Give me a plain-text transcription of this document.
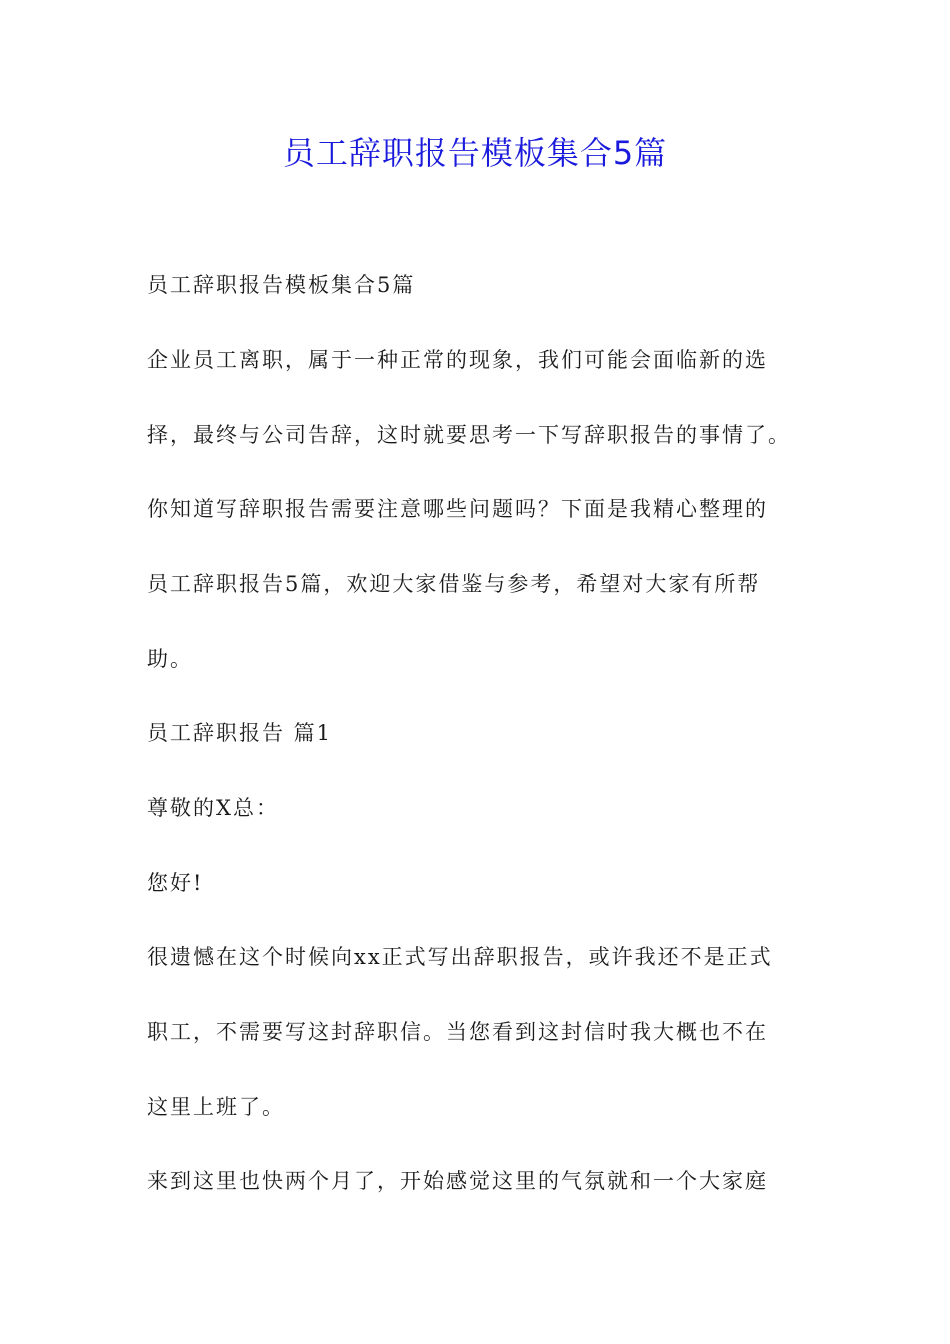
员工辞职报告模板集合5篇
员工辞职报告模板集合5篇
企业员工离职，属于一种正常的现象，我们可能会面临新的选
择，最终与公司告辞，这时就要思考一下写辞职报告的事情了。
你知道写辞职报告需要注意哪些问题吗？下面是我精心整理的
员工辞职报告5篇，欢迎大家借鉴与参考，希望对大家有所帮
助。
员工辞职报告 篇1
尊敬的X总：
您好!
很遗憾在这个时候向xx正式写出辞职报告，或许我还不是正式
职工，不需要写这封辞职信。当您看到这封信时我大概也不在
这里上班了。
来到这里也快两个月了，开始感觉这里的气氛就和一个大家庭
